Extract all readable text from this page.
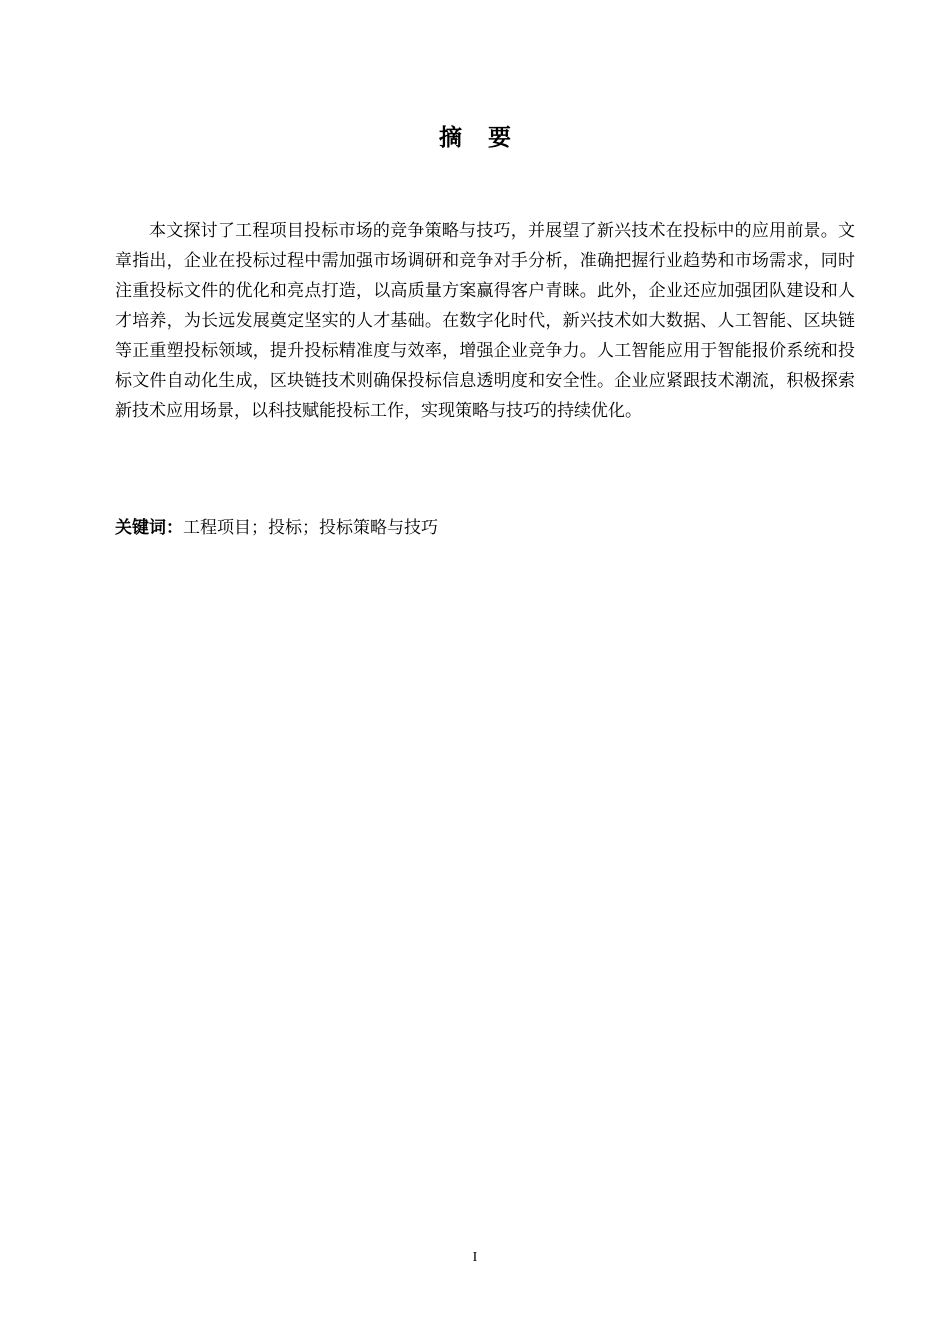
摘要

本文探讨了工程项目投标市场的竞争策略与技巧，并展望了新兴技术在投标中的应用前景。文章指出，企业在投标过程中需加强市场调研和竞争对手分析，准确把握行业趋势和市场需求，同时注重投标文件的优化和亮点打造，以高质量方案赢得客户青睐。此外，企业还应加强团队建设和人才培养，为长远发展奠定坚实的人才基础。在数字化时代，新兴技术如大数据、人工智能、区块链等正重塑投标领域，提升投标精准度与效率，增强企业竞争力。人工智能应用于智能报价系统和投标文件自动化生成，区块链技术则确保投标信息透明度和安全性。企业应紧跟技术潮流，积极探索新技术应用场景，以科技赋能投标工作，实现策略与技巧的持续优化。

关键词：工程项目；投标；投标策略与技巧
I
